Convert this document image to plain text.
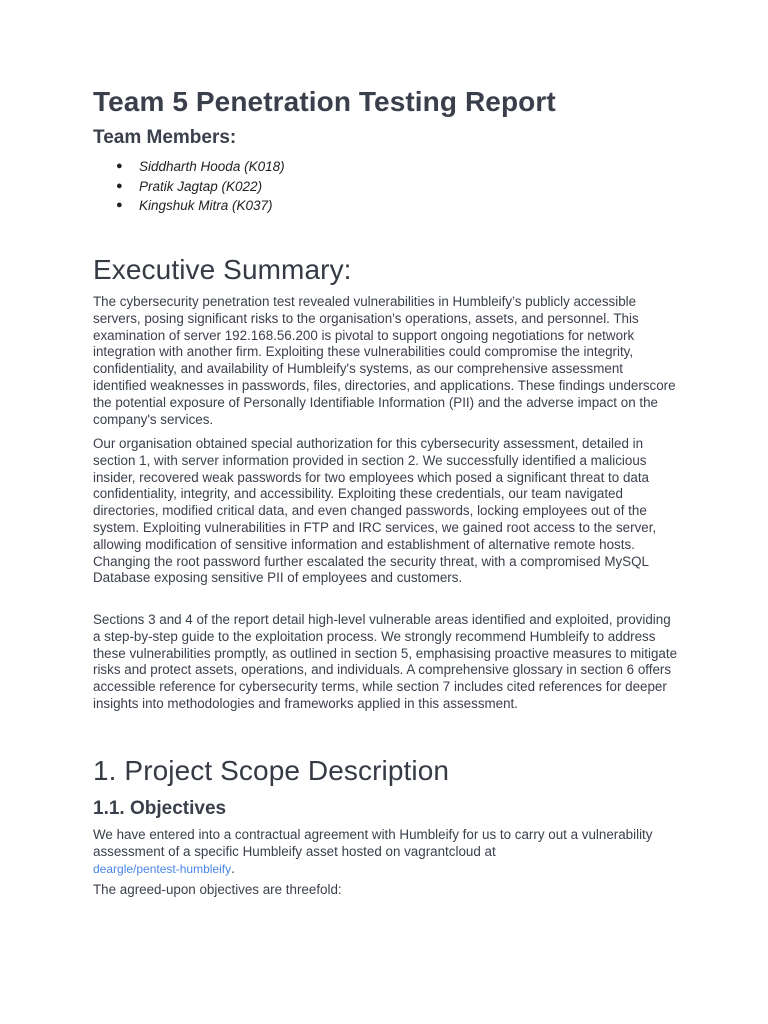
Team 5 Penetration Testing Report
Team Members:
● Siddharth Hooda (K018)
● Pratik Jagtap (K022)
● Kingshuk Mitra (K037)
Executive Summary:

The cybersecurity penetration test revealed vulnerabilities in Humbleify’s publicly accessible servers, posing significant risks to the organisation's operations, assets, and personnel. This examination of server 192.168.56.200 is pivotal to support ongoing negotiations for network integration with another firm. Exploiting these vulnerabilities could compromise the integrity, confidentiality, and availability of Humbleify's systems, as our comprehensive assessment identified weaknesses in passwords, files, directories, and applications. These findings underscore the potential exposure of Personally Identifiable Information (PII) and the adverse impact on the company's services.

Our organisation obtained special authorization for this cybersecurity assessment, detailed in section 1, with server information provided in section 2. We successfully identified a malicious insider, recovered weak passwords for two employees which posed a significant threat to data confidentiality, integrity, and accessibility. Exploiting these credentials, our team navigated directories, modified critical data, and even changed passwords, locking employees out of the system. Exploiting vulnerabilities in FTP and IRC services, we gained root access to the server, allowing modification of sensitive information and establishment of alternative remote hosts. Changing the root password further escalated the security threat, with a compromised MySQL Database exposing sensitive PII of employees and customers.

Sections 3 and 4 of the report detail high-level vulnerable areas identified and exploited, providing a step-by-step guide to the exploitation process. We strongly recommend Humbleify to address these vulnerabilities promptly, as outlined in section 5, emphasising proactive measures to mitigate risks and protect assets, operations, and individuals. A comprehensive glossary in section 6 offers accessible reference for cybersecurity terms, while section 7 includes cited references for deeper insights into methodologies and frameworks applied in this assessment.

1. Project Scope Description
1.1. Objectives

We have entered into a contractual agreement with Humbleify for us to carry out a vulnerability assessment of a specific Humbleify asset hosted on vagrantcloud at
deargle/pentest-humbleify.

The agreed-upon objectives are threefold:
